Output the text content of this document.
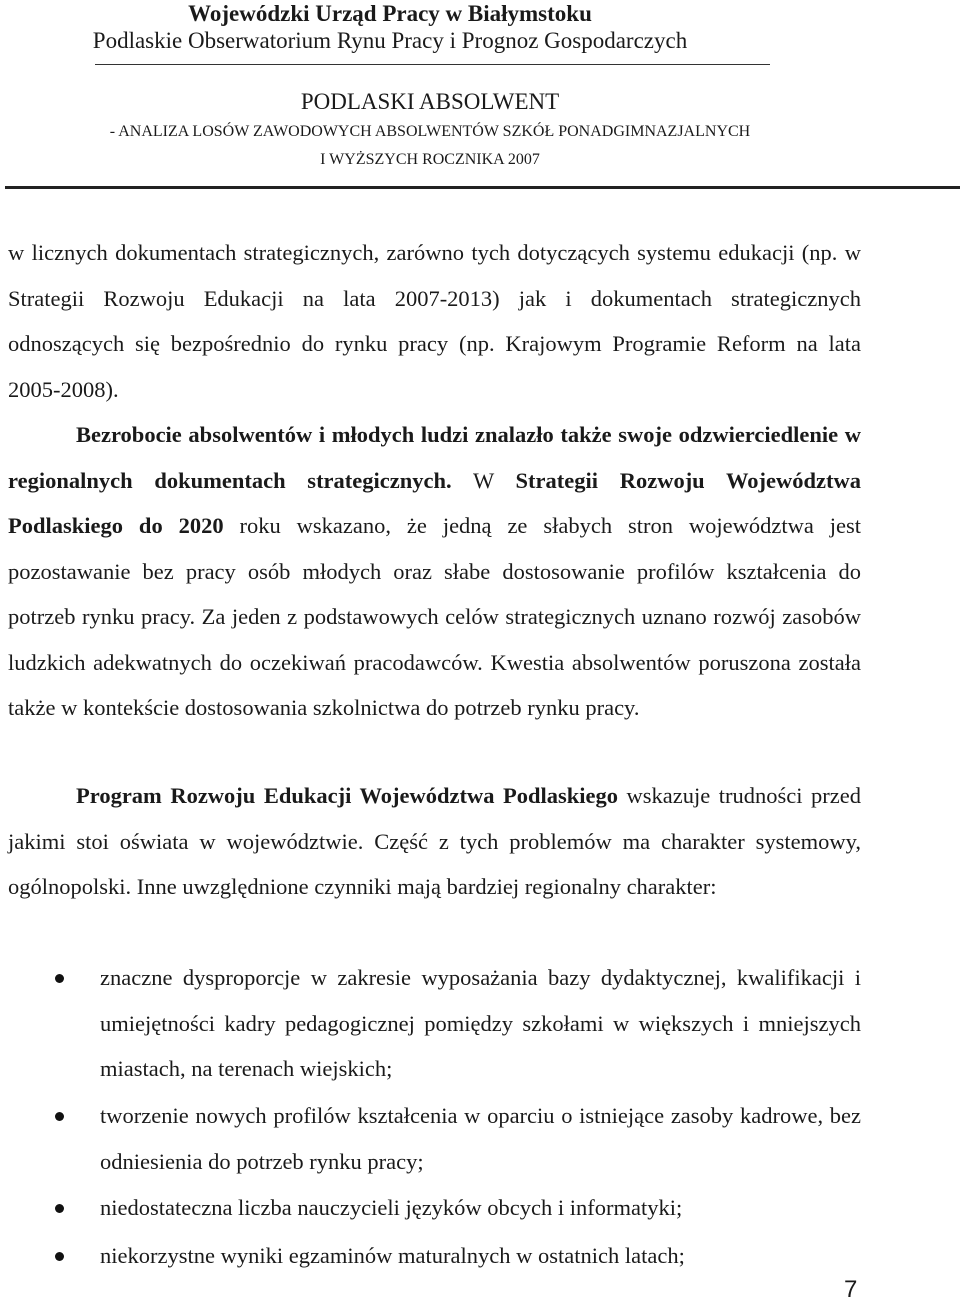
Wojewódzki Urząd Pracy w Białymstoku
Podlaskie Obserwatorium Rynu Pracy i Prognoz Gospodarczych
PODLASKI ABSOLWENT
- ANALIZA LOSÓW ZAWODOWYCH ABSOLWENTÓW SZKÓŁ PONADGIMNAZJALNYCH
I WYŻSZYCH ROCZNIKA 2007

w licznych dokumentach strategicznych, zarówno tych dotyczących systemu edukacji (np. w Strategii Rozwoju Edukacji na lata 2007-2013) jak i dokumentach strategicznych odnoszących się bezpośrednio do rynku pracy (np. Krajowym Programie Reform na lata 2005-2008).

Bezrobocie absolwentów i młodych ludzi znalazło także swoje odzwierciedlenie w regionalnych dokumentach strategicznych. W Strategii Rozwoju Województwa Podlaskiego do 2020 roku wskazano, że jedną ze słabych stron województwa jest pozostawanie bez pracy osób młodych oraz słabe dostosowanie profilów kształcenia do potrzeb rynku pracy. Za jeden z podstawowych celów strategicznych uznano rozwój zasobów ludzkich adekwatnych do oczekiwań pracodawców. Kwestia absolwentów poruszona została także w kontekście dostosowania szkolnictwa do potrzeb rynku pracy.

Program Rozwoju Edukacji Województwa Podlaskiego wskazuje trudności przed jakimi stoi oświata w województwie. Część z tych problemów ma charakter systemowy, ogólnopolski. Inne uwzględnione czynniki mają bardziej regionalny charakter:

znaczne dysproporcje w zakresie wyposażania bazy dydaktycznej, kwalifikacji i umiejętności kadry pedagogicznej pomiędzy szkołami w większych i mniejszych miastach, na terenach wiejskich;
tworzenie nowych profilów kształcenia w oparciu o istniejące zasoby kadrowe, bez odniesienia do potrzeb rynku pracy;
niedostateczna liczba nauczycieli języków obcych i informatyki;
niekorzystne wyniki egzaminów maturalnych w ostatnich latach;
7
